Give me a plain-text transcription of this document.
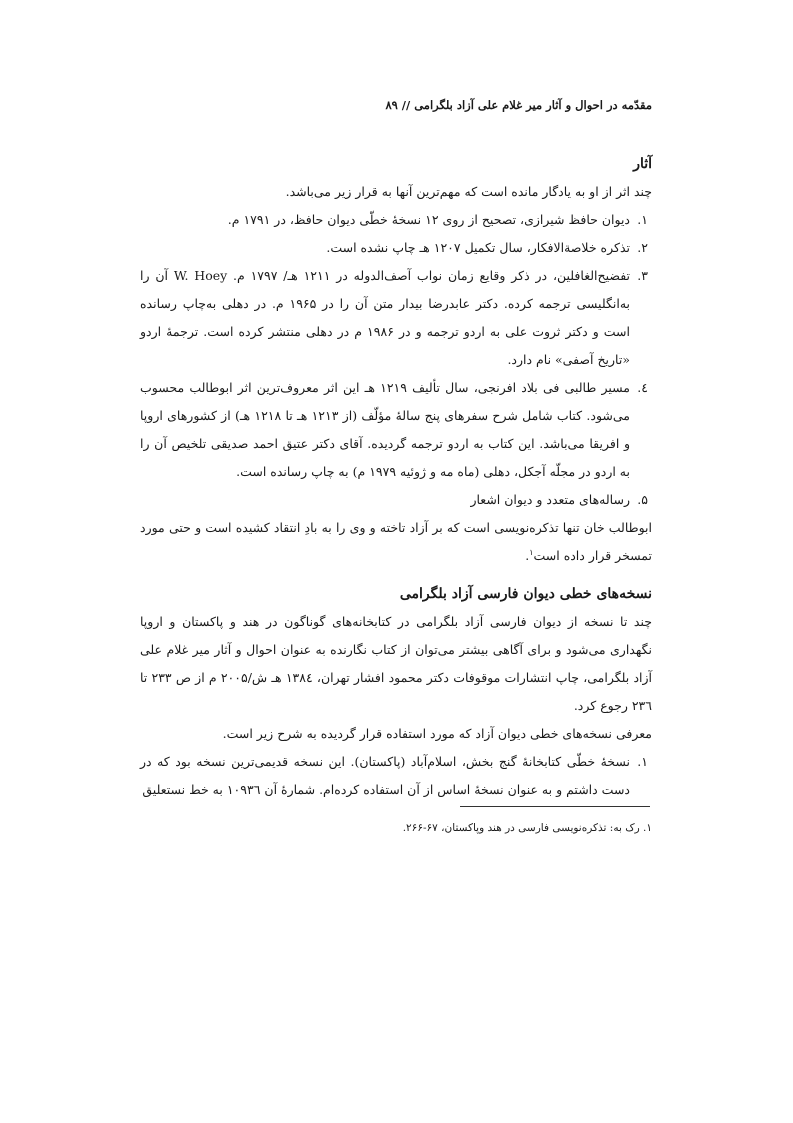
مقدّمه در احوال و آثار میر غلام علی آزاد بلگرامی // ۸۹
آثار

چند اثر از او به یادگار مانده است که مهم‌ترین آنها به قرار زیر می‌باشد.

۱.
دیوان حافظ شیرازی، تصحیح از روی ۱۲ نسخهٔ خطّی دیوان حافظ، در ۱۷۹۱ م.
۲.
تذکره خلاصة‌الافکار، سال تکمیل ۱۲۰۷ هـ چاپ نشده است.
۳.
تفضیح‌الغافلین، در ذکر وقایع زمان نواب آصف‌الدوله در ۱۲۱۱ هـ/ ۱۷۹۷ م. W. Hoey آن را به‌انگلیسی ترجمه کرده. دکتر عابدرضا بیدار متن آن را در ۱۹۶۵ م. در دهلی به‌چاپ رسانده است و دکتر ثروت علی به اردو ترجمه و در ۱۹۸۶ م در دهلی منتشر کرده است. ترجمهٔ اردو «تاریخ آصفی» نام دارد.
٤.
مسیر طالبی فی بلاد افرنجی، سال تألیف ۱۲۱۹ هـ این اثر معروف‌ترین اثر ابوطالب محسوب می‌شود. کتاب شامل شرح سفرهای پنج سالهٔ مؤلّف (از ۱۲۱۳ هـ تا ۱۲۱۸ هـ) از کشورهای اروپا و افریقا می‌باشد. این کتاب به اردو ترجمه گردیده. آقای دکتر عتیق احمد صدیقی تلخیص آن را به اردو در مجلّه آجکل، دهلی (ماه مه و ژوئیه ۱۹۷۹ م) به چاپ رسانده است.
۵.
رساله‌های متعدد و دیوان اشعار

ابوطالب خان تنها تذکره‌نویسی است که بر آزاد تاخته و وی را به بادِ انتقاد کشیده است و حتی مورد تمسخر قرار داده است$^۱$.

نسخه‌های خطی دیوان فارسی آزاد بلگرامی

چند تا نسخه از دیوان فارسی آزاد بلگرامی در کتابخانه‌های گوناگون در هند و پاکستان و اروپا نگهداری می‌شود و برای آگاهی بیشتر می‌توان از کتاب نگارنده به عنوان احوال و آثار میر غلام علی آزاد بلگرامی، چاپ انتشارات موقوفات دکتر محمود افشار تهران، ۱۳۸٤ هـ ش/۲۰۰۵ م از ص ۲۳۳ تا ۲۳٦ رجوع کرد.

معرفی نسخه‌های خطی دیوان آزاد که مورد استفاده قرار گردیده به شرح زیر است.

۱.
نسخهٔ خطّی کتابخانهٔ گنج بخش، اسلام‌آباد (پاکستان). این نسخه قدیمی‌ترین نسخه بود که در دست داشتم و به عنوان نسخهٔ اساس از آن استفاده کرده‌ام. شمارهٔ آن ۱۰۹۳٦ به خط نستعلیق
۱. رک به: تذکره‌نویسی فارسی در هند وپاکستان، ۶۷-۲۶۶.
